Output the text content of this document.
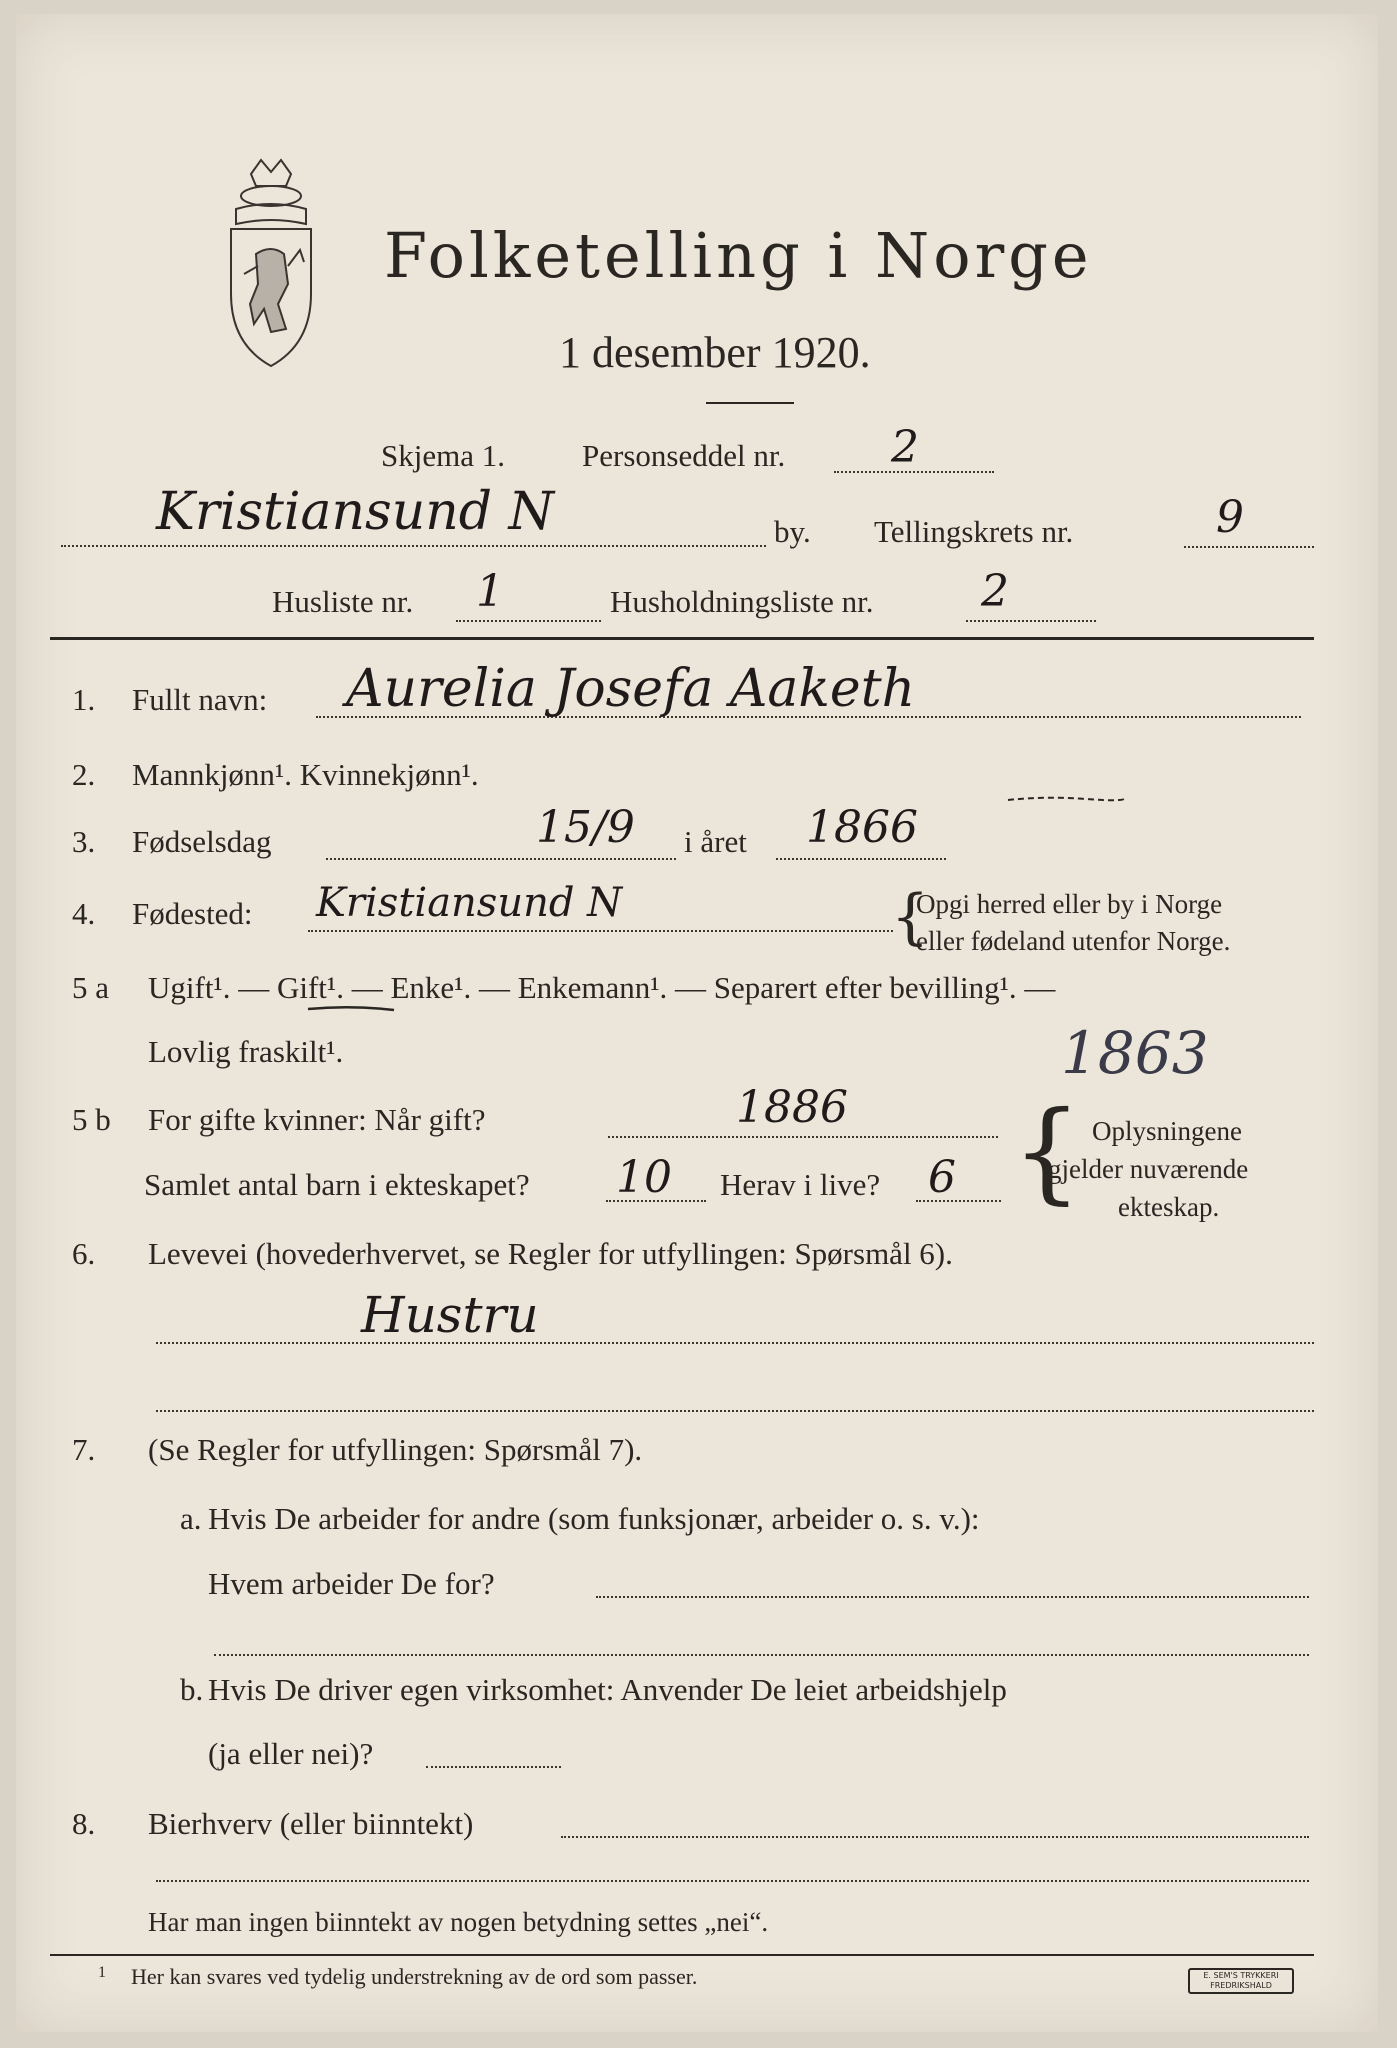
Folketelling i Norge
1 desember 1920.
Skjema 1. Personseddel nr. 2
Kristiansund N	by. Tellingskrets nr.	9
Husliste nr. 1	Husholdningsliste nr. 2
1. Fullt navn: Aurelia Josefa Aaketh
2. Mannkjønn¹. Kvinnekjønn¹.
3. Fødselsdag	15/9 i året 1866
4. Fødested: Kristiansund N	{
Opgi herred eller by i Norge
eller fødeland utenfor Norge.
5 a Ugift¹. — Gift¹. — Enke¹. — Enkemann¹. — Separert efter bevilling¹. —
Lovlig fraskilt¹.	1863
5 b For gifte kvinner: Når gift?	1886
Samlet antal barn i ekteskapet? 10 Herav i live? 6 { Oplysningene
gjelder nuværende
ekteskap.
6. Levevei (hovederhvervet, se Regler for utfyllingen: Spørsmål 6).
Hustru
7. (Se Regler for utfyllingen: Spørsmål 7).
a. Hvis De arbeider for andre (som funksjonær, arbeider o. s. v.):
Hvem arbeider De for?
b. Hvis De driver egen virksomhet: Anvender De leiet arbeidshjelp
(ja eller nei)?
8. Bierhverv (eller biinntekt)
Har man ingen biinntekt av nogen betydning settes „nei“.
1 Her kan svares ved tydelig understrekning av de ord som passer.	E. SEM'S TRYKKERI FREDRIKSHALD
